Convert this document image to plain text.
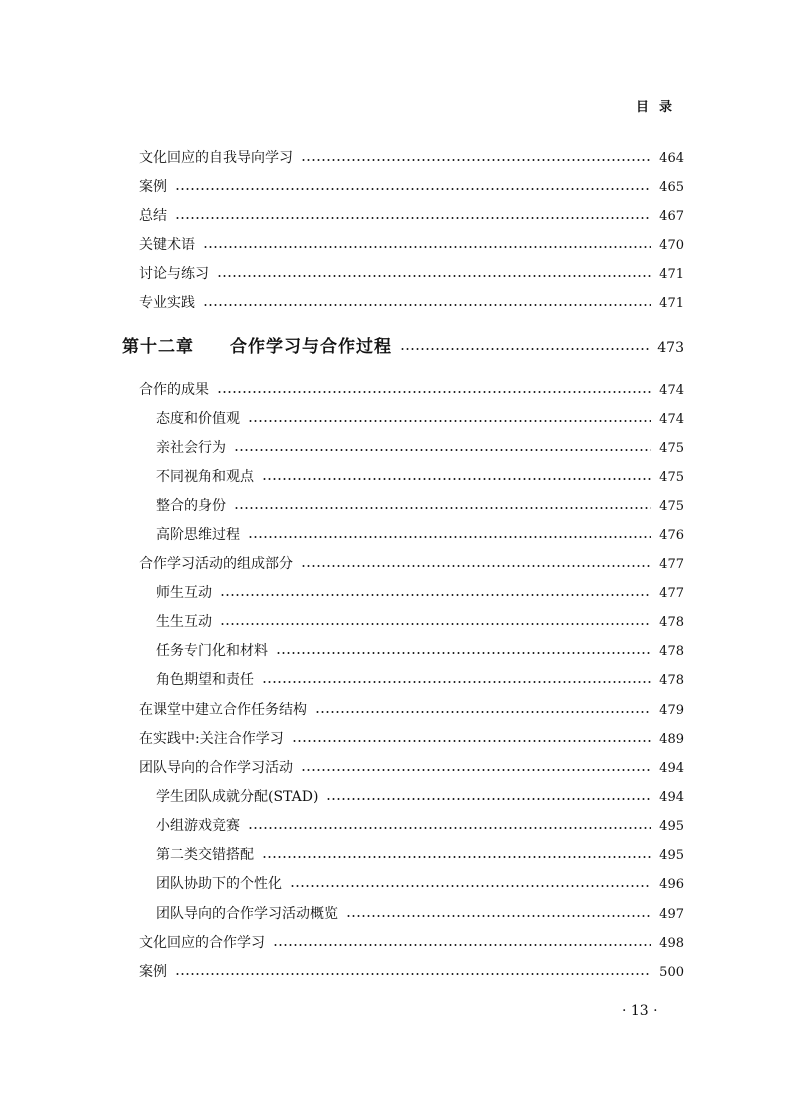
目录
文化回应的自我导向学习	464
案例	465
总结	467
关键术语	470
讨论与练习	471
专业实践	471
第十二章 合作学习与合作过程	473
合作的成果	474
态度和价值观	474
亲社会行为	475
不同视角和观点	475
整合的身份	475
高阶思维过程	476
合作学习活动的组成部分	477
师生互动	477
生生互动	478
任务专门化和材料	478
角色期望和责任	478
在课堂中建立合作任务结构	479
在实践中:关注合作学习	489
团队导向的合作学习活动	494
学生团队成就分配(STAD)	494
小组游戏竞赛	495
第二类交错搭配	495
团队协助下的个性化	496
团队导向的合作学习活动概览	497
文化回应的合作学习	498
案例	500
· 13 ·
